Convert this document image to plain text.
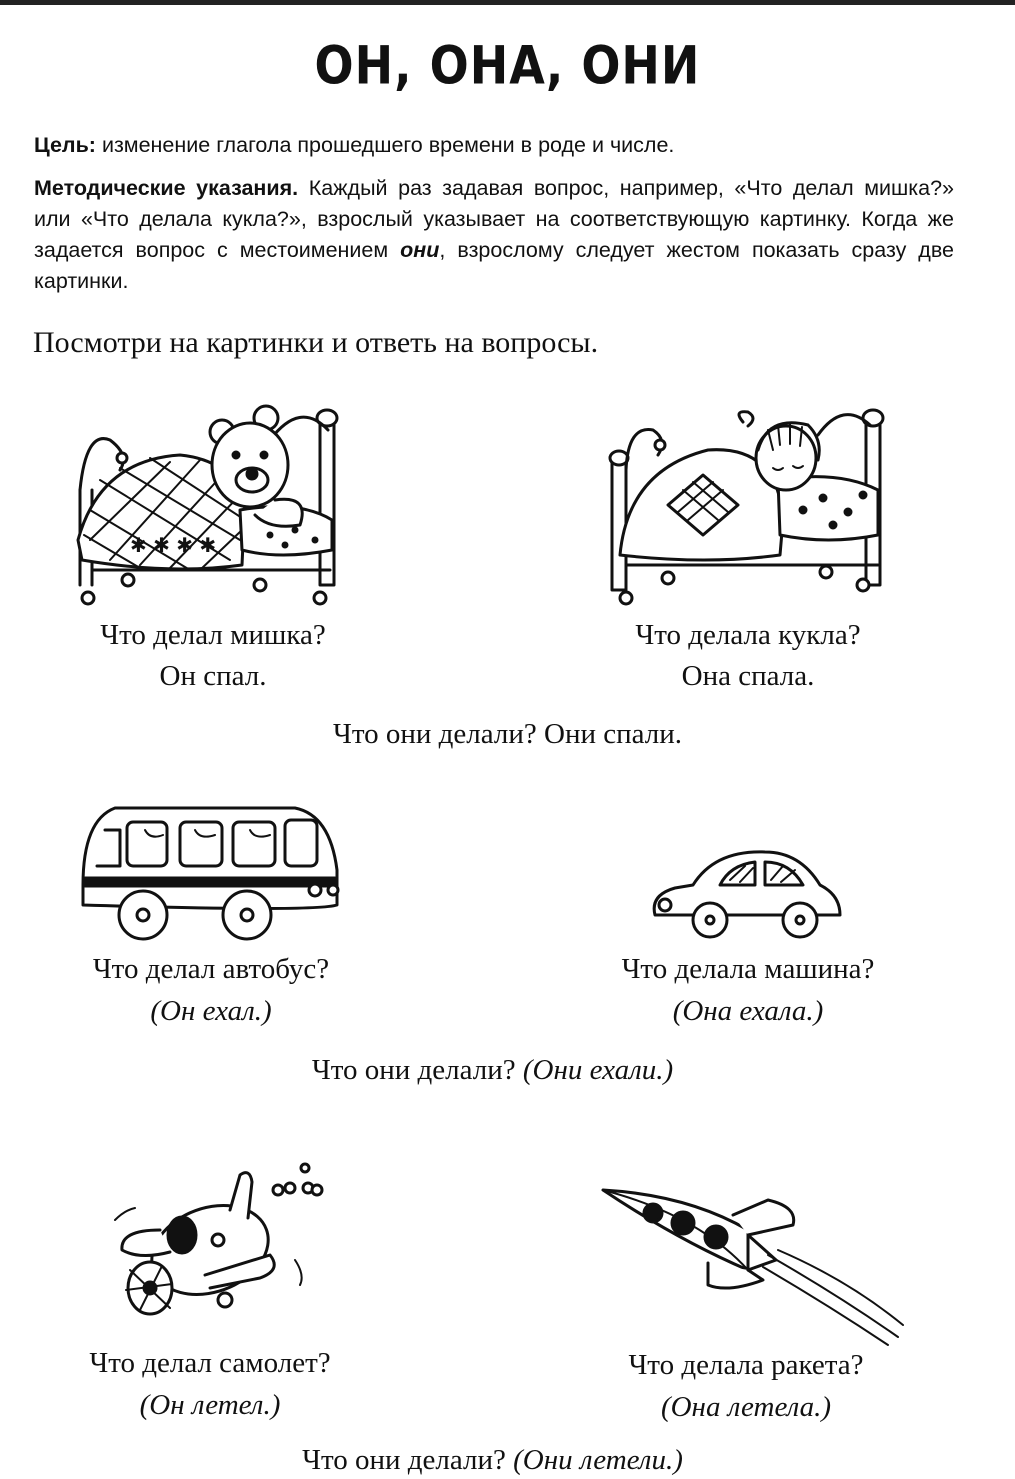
ОН, ОНА, ОНИ
Цель: изменение глагола прошедшего времени в роде и числе.
Методические указания. Каждый раз задавая вопрос, например, «Что делал мишка?» или «Что делала кукла?», взрослый указывает на соответствующую картинку. Когда же задается вопрос с местоимением они, взрослому следует жестом показать сразу две картинки.
Посмотри на картинки и ответь на вопросы.
✱ ✱ ✱ ✱
Что делал мишка?
Он спал.
Что делала кукла?
Она спала.
Что они делали? Они спали.
Что делал автобус?
(Он ехал.)
Что делала машина?
(Она ехала.)
Что они делали? (Они ехали.)
Что делал самолет?
(Он летел.)
Что делала ракета?
(Она летела.)
Что они делали? (Они летели.)
